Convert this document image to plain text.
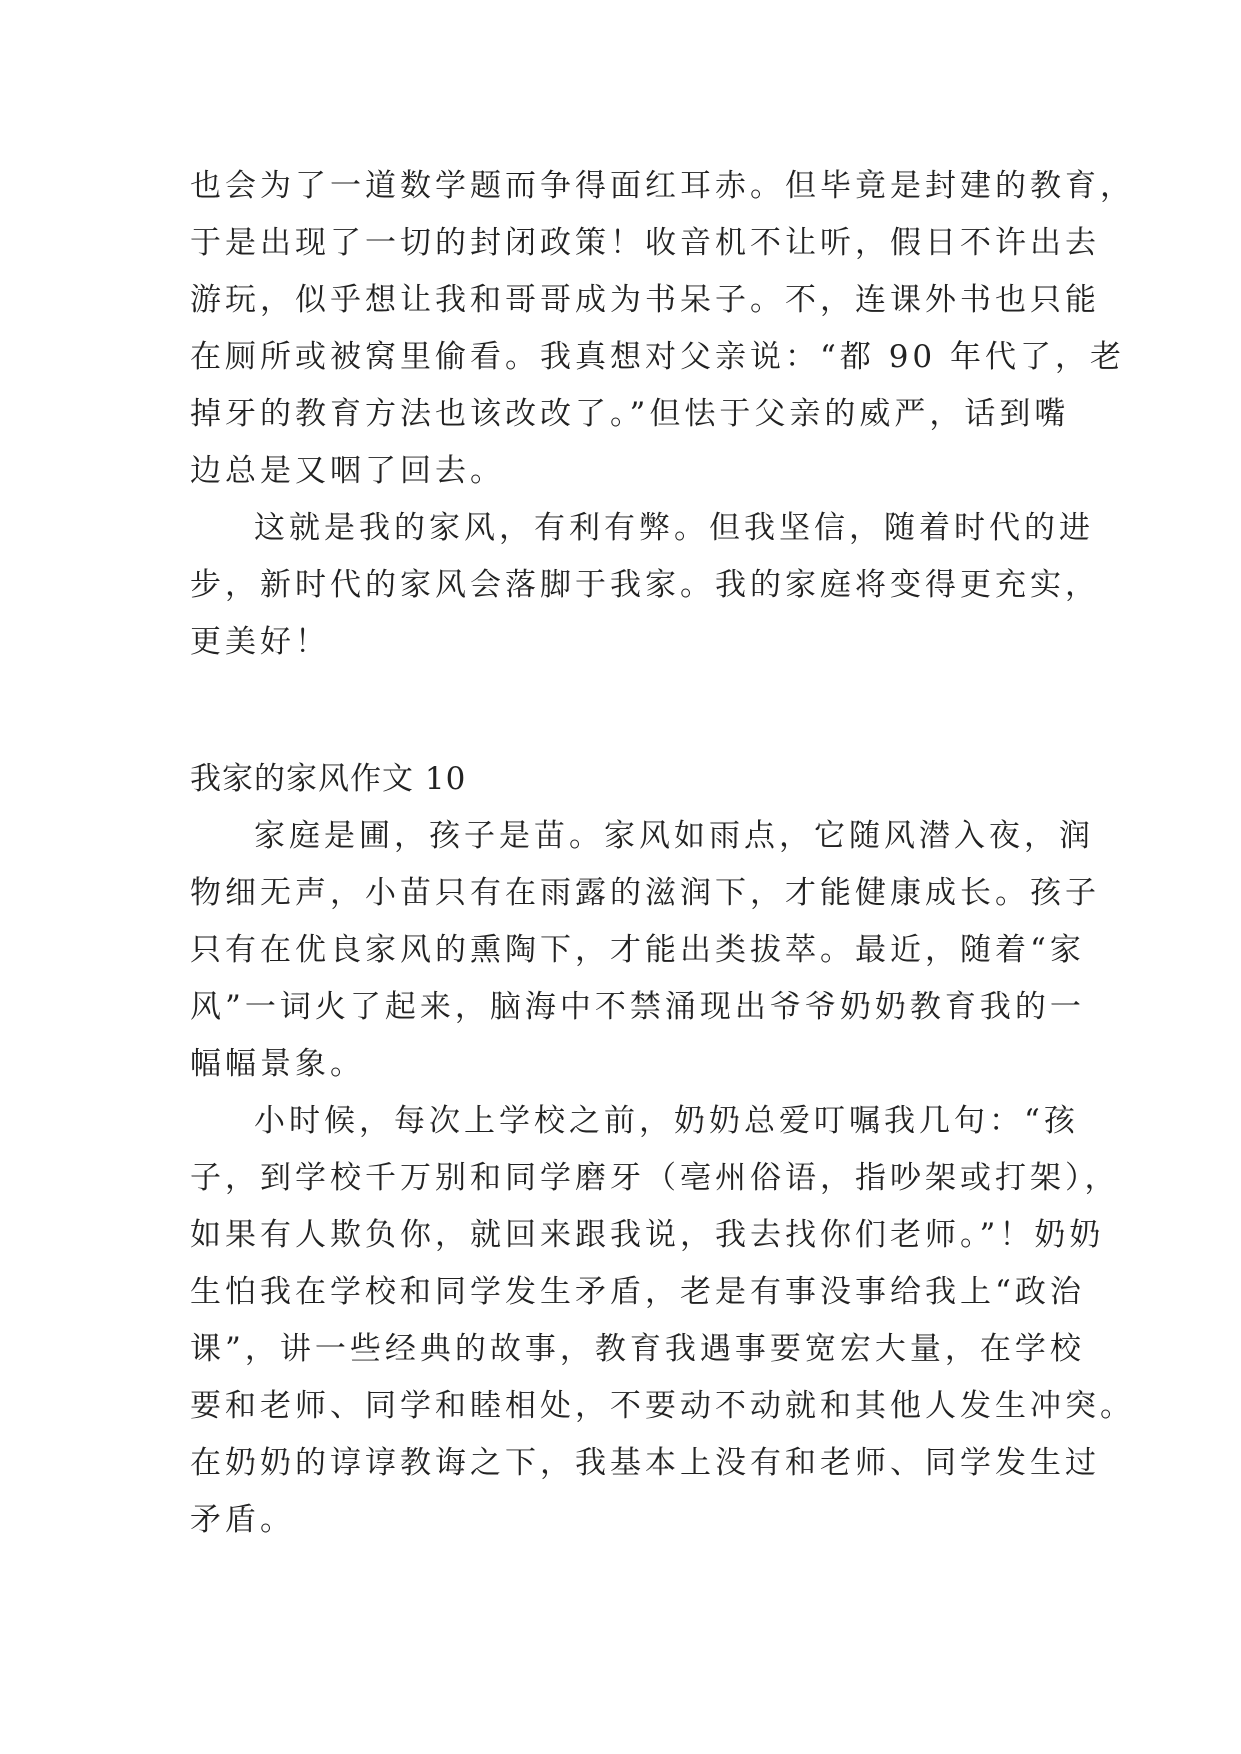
也会为了一道数学题而争得面红耳赤。但毕竟是封建的教育，
于是出现了一切的封闭政策！收音机不让听，假日不许出去
游玩，似乎想让我和哥哥成为书呆子。不，连课外书也只能
在厕所或被窝里偷看。我真想对父亲说：“都 90 年代了，老
掉牙的教育方法也该改改了。”但怯于父亲的威严，话到嘴
边总是又咽了回去。
这就是我的家风，有利有弊。但我坚信，随着时代的进
步，新时代的家风会落脚于我家。我的家庭将变得更充实，
更美好！
我家的家风作文 10
家庭是圃，孩子是苗。家风如雨点，它随风潜入夜，润
物细无声，小苗只有在雨露的滋润下，才能健康成长。孩子
只有在优良家风的熏陶下，才能出类拔萃。最近，随着“家
风”一词火了起来，脑海中不禁涌现出爷爷奶奶教育我的一
幅幅景象。
小时候，每次上学校之前，奶奶总爱叮嘱我几句：“孩
子，到学校千万别和同学磨牙（亳州俗语，指吵架或打架），
如果有人欺负你，就回来跟我说，我去找你们老师。”！奶奶
生怕我在学校和同学发生矛盾，老是有事没事给我上“政治
课”，讲一些经典的故事，教育我遇事要宽宏大量，在学校
要和老师、同学和睦相处，不要动不动就和其他人发生冲突。
在奶奶的谆谆教诲之下，我基本上没有和老师、同学发生过
矛盾。
